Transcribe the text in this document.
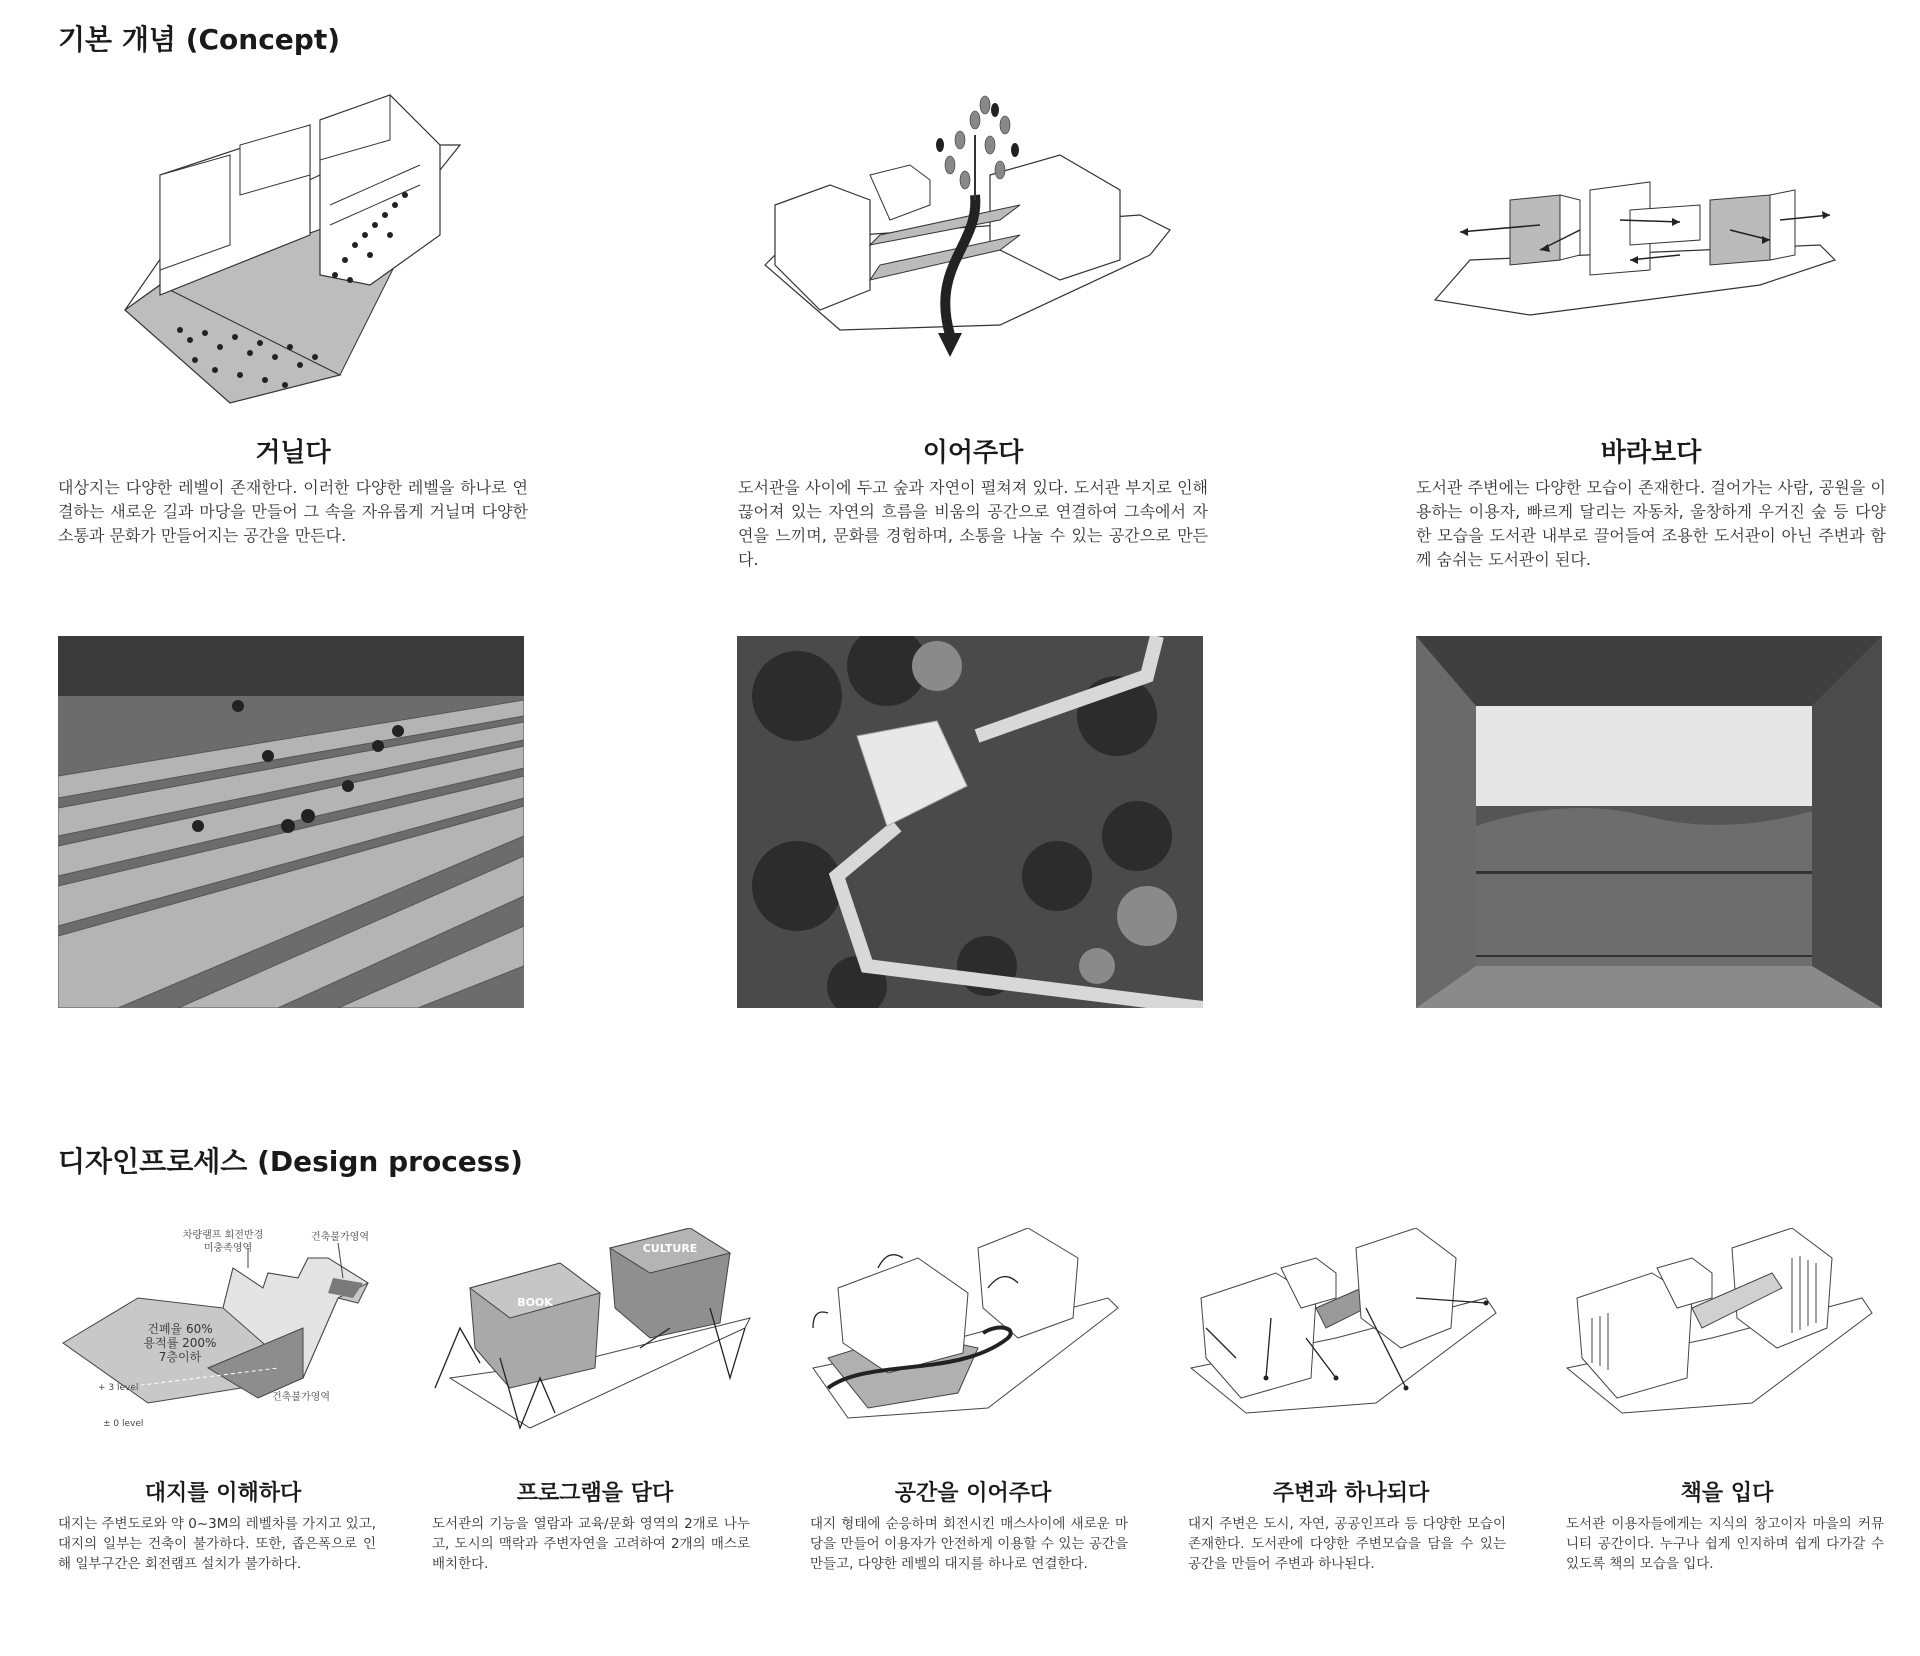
기본 개념 (Concept)
거닐다

대상지는 다양한 레벨이 존재한다. 이러한 다양한 레벨을 하나로 연결하는 새로운 길과 마당을 만들어 그 속을 자유롭게 거닐며 다양한 소통과 문화가 만들어지는 공간을 만든다.

이어주다

도서관을 사이에 두고 숲과 자연이 펼쳐져 있다. 도서관 부지로 인해 끊어져 있는 자연의 흐름을 비움의 공간으로 연결하여 그속에서 자연을 느끼며, 문화를 경험하며, 소통을 나눌 수 있는 공간으로 만든다.

바라보다

도서관 주변에는 다양한 모습이 존재한다. 걸어가는 사람, 공원을 이용하는 이용자, 빠르게 달리는 자동차, 울창하게 우거진 숲 등 다양한 모습을 도서관 내부로 끌어들여 조용한 도서관이 아닌 주변과 함께 숨쉬는 도서관이 된다.

디자인프로세스 (Design process)
차량램프 회전반경
미충족영역
건축불가영역
건폐율 60%
용적률 200%
7층이하
건축불가영역
+ 3 level
± 0 level
BOOK
CULTURE
대지를 이해하다

대지는 주변도로와 약 0~3M의 레벨차를 가지고 있고, 대지의 일부는 건축이 불가하다. 또한, 좁은폭으로 인해 일부구간은 회전램프 설치가 불가하다.

프로그램을 담다

도서관의 기능을 열람과 교육/문화 영역의 2개로 나누고, 도시의 맥락과 주변자연을 고려하여 2개의 매스로 배치한다.

공간을 이어주다

대지 형태에 순응하며 회전시킨 매스사이에 새로운 마당을 만들어 이용자가 안전하게 이용할 수 있는 공간을 만들고, 다양한 레벨의 대지를 하나로 연결한다.

주변과 하나되다

대지 주변은 도시, 자연, 공공인프라 등 다양한 모습이 존재한다. 도서관에 다양한 주변모습을 담을 수 있는 공간을 만들어 주변과 하나된다.

책을 입다

도서관 이용자들에게는 지식의 창고이자 마을의 커뮤니티 공간이다. 누구나 쉽게 인지하며 쉽게 다가갈 수 있도록 책의 모습을 입다.
